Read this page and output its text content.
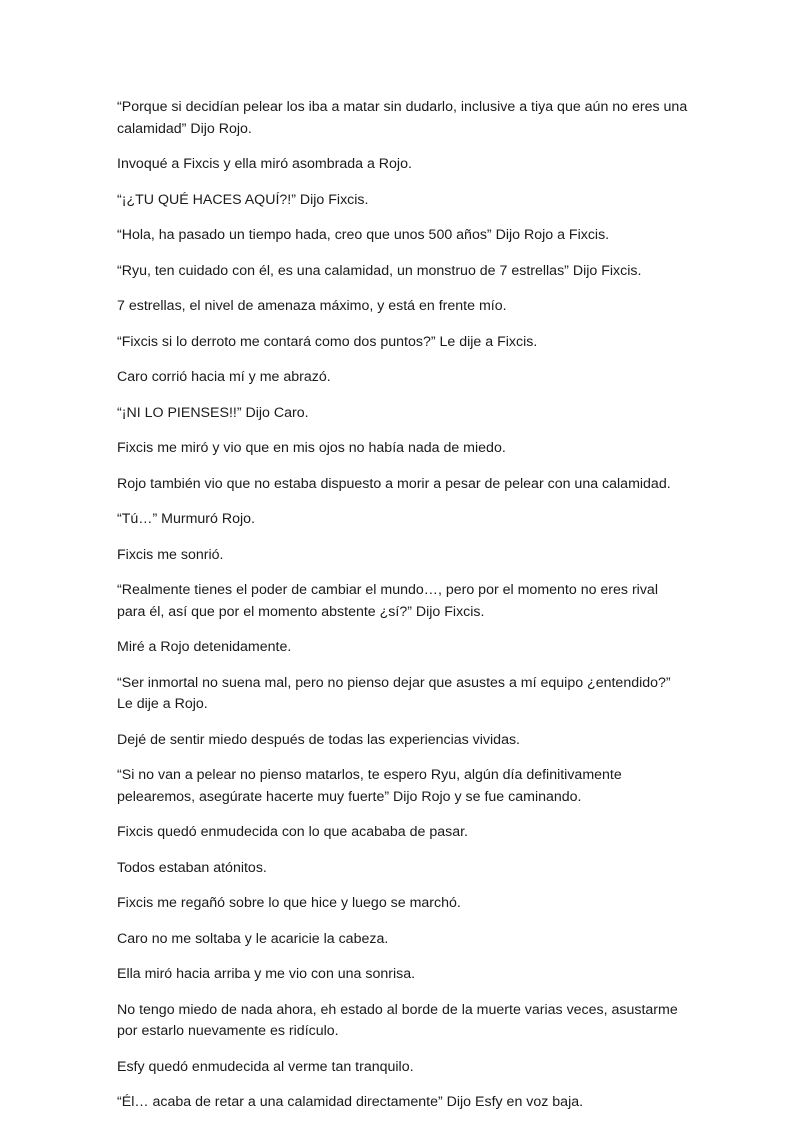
“Porque si decidían pelear los iba a matar sin dudarlo, inclusive a tiya que aún no eres una calamidad” Dijo Rojo.

Invoqué a Fixcis y ella miró asombrada a Rojo.

“¡¿TU QUÉ HACES AQUÍ?!” Dijo Fixcis.

“Hola, ha pasado un tiempo hada, creo que unos 500 años” Dijo Rojo a Fixcis.

“Ryu, ten cuidado con él, es una calamidad, un monstruo de 7 estrellas” Dijo Fixcis.

7 estrellas, el nivel de amenaza máximo, y está en frente mío.

“Fixcis si lo derroto me contará como dos puntos?” Le dije a Fixcis.

Caro corrió hacia mí y me abrazó.

“¡NI LO PIENSES!!” Dijo Caro.

Fixcis me miró y vio que en mis ojos no había nada de miedo.

Rojo también vio que no estaba dispuesto a morir a pesar de pelear con una calamidad.

“Tú…” Murmuró Rojo.

Fixcis me sonrió.

“Realmente tienes el poder de cambiar el mundo…, pero por el momento no eres rival para él, así que por el momento abstente ¿sí?” Dijo Fixcis.

Miré a Rojo detenidamente.

“Ser inmortal no suena mal, pero no pienso dejar que asustes a mí equipo ¿entendido?” Le dije a Rojo.

Dejé de sentir miedo después de todas las experiencias vividas.

“Si no van a pelear no pienso matarlos, te espero Ryu, algún día definitivamente pelearemos, asegúrate hacerte muy fuerte” Dijo Rojo y se fue caminando.

Fixcis quedó enmudecida con lo que acababa de pasar.

Todos estaban atónitos.

Fixcis me regañó sobre lo que hice y luego se marchó.

Caro no me soltaba y le acaricie la cabeza.

Ella miró hacia arriba y me vio con una sonrisa.

No tengo miedo de nada ahora, eh estado al borde de la muerte varias veces, asustarme por estarlo nuevamente es ridículo.

Esfy quedó enmudecida al verme tan tranquilo.

“Él… acaba de retar a una calamidad directamente” Dijo Esfy en voz baja.
